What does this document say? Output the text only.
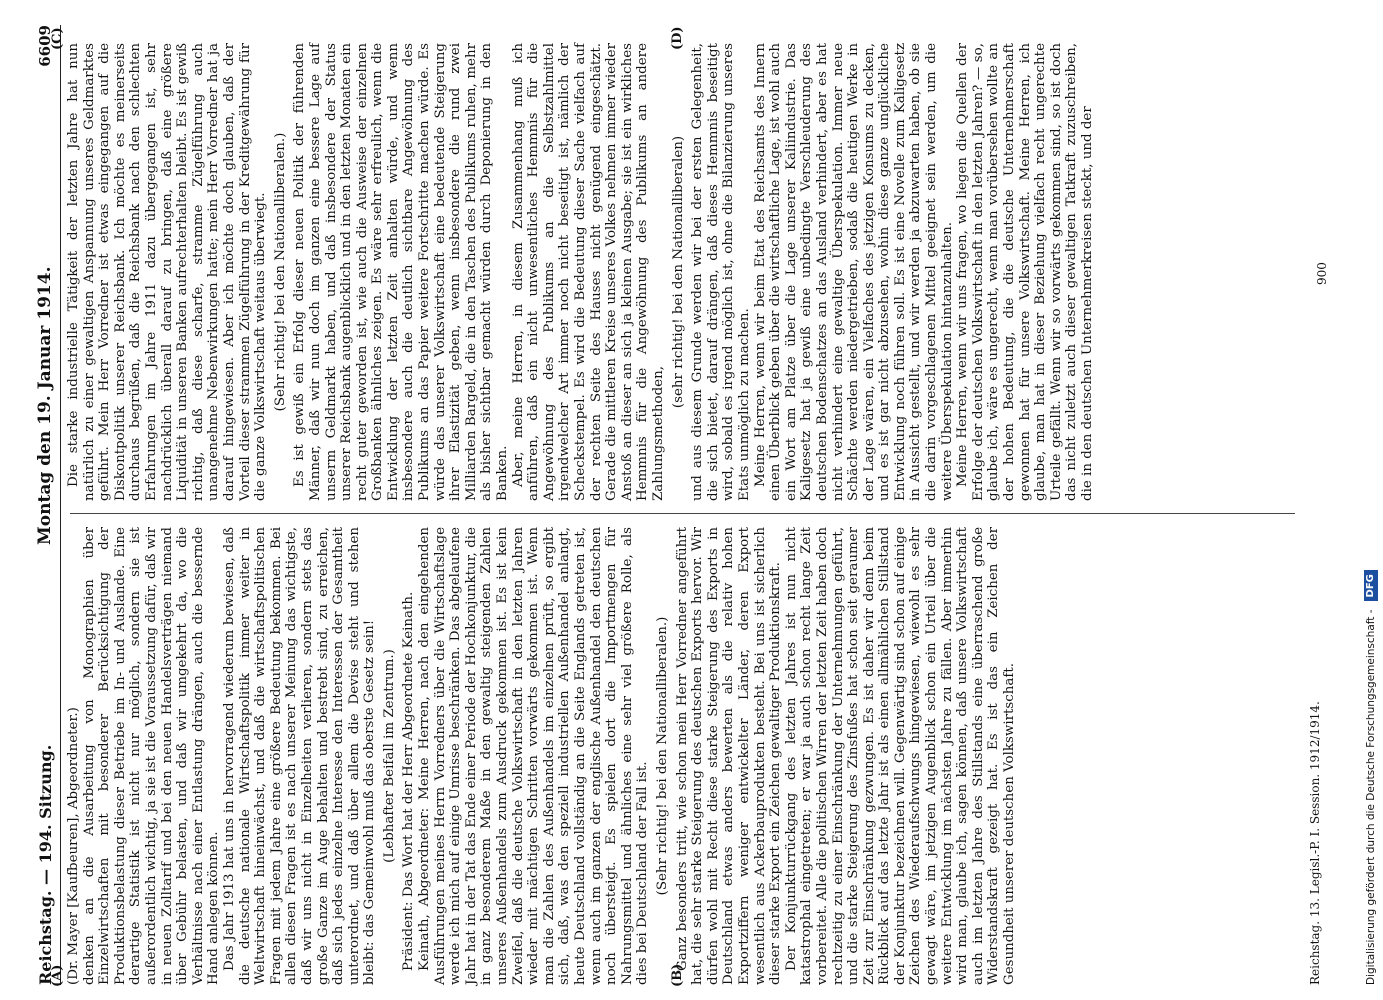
Reichstag. — 194. Sitzung.
Montag den 19. Januar 1914.
6609

(Dr. Mayer [Kaufbeuren], Abgeordneter.) denken an die Ausarbeitung von Monographien über Einzelwirtschaften mit besonderer Berücksichtigung der Produktionsbelastung dieser Betriebe im In- und Auslande. Eine derartige Statistik ist nicht nur möglich, sondern sie ist außerordentlich wichtig, ja sie ist die Voraussetzung dafür, daß wir in neuen Zolltarif und bei den neuen Handelsverträgen niemand über Gebühr belasten, und daß wir umgekehrt da, wo die Verhältnisse nach einer Entlastung drängen, auch die bessernde Hand anlegen können. Das Jahr 1913 hat uns in hervorragend wiederum bewiesen, daß die deutsche nationale Wirtschaftspolitik immer weiter in Weltwirtschaft hineinwächst, und daß die wirtschaftspolitischen Fragen mit jedem Jahre eine größere Bedeutung bekommen. Bei allen diesen Fragen ist es nach unserer Meinung das wichtigste, daß wir uns nicht in Einzelheiten verlieren, sondern stets das große Ganze im Auge behalten und bestrebt sind, zu erreichen, daß sich jedes einzelne Interesse den Interessen der Gesamtheit unterordnet, und daß über allem die Devise steht und stehen bleibt: das Gemeinwohl muß das oberste Gesetz sein! (Lebhafter Beifall im Zentrum.) Präsident: Das Wort hat der Herr Abgeordnete Keinath. Keinath, Abgeordneter: Meine Herren, nach den eingehenden Ausführungen meines Herrn Vorredners über die Wirtschaftslage werde ich mich auf einige Umrisse beschränken. Das abgelaufene Jahr hat in der Tat das Ende einer Periode der Hochkonjunktur, die in ganz besonderem Maße in den gewaltig steigenden Zahlen unseres Außenhandels zum Ausdruck gekommen ist. Es ist kein Zweifel, daß die deutsche Volkswirtschaft in den letzten Jahren wieder mit mächtigen Schritten vorwärts gekommen ist. Wenn man die Zahlen des Außenhandels im einzelnen prüft, so ergibt sich, daß, was den speziell industriellen Außenhandel anlangt, heute Deutschland vollständig an die Seite Englands getreten ist, wenn auch im ganzen der englische Außenhandel den deutschen noch übersteigt. Es spielen dort die Importmengen für Nahrungsmittel und ähnliches eine sehr viel größere Rolle, als dies bei Deutschland der Fall ist. (Sehr richtig! bei den Nationalliberalen.) Ganz besonders tritt, wie schon mein Herr Vorredner angeführt hat, die sehr starke Steigerung des deutschen Exports hervor. Wir dürfen wohl mit Recht diese starke Steigerung des Exports in Deutschland etwas anders bewerten als die relativ hohen Exportziffern weniger entwickelter Länder, deren Export wesentlich aus Ackerbauprodukten besteht. Bei uns ist sicherlich dieser starke Export ein Zeichen gewaltiger Produktionskraft. Der Konjunkturrückgang des letzten Jahres ist nun nicht katastrophal eingetreten; er war ja auch schon recht lange Zeit vorbereitet. Alle die politischen Wirren der letzten Zeit haben doch rechtzeitig zu einer Einschränkung der Unternehmungen geführt, und die starke Steigerung des Zinsfußes hat schon seit geraumer Zeit zur Einschränkung gezwungen. Es ist daher wir denn beim Rückblick auf das letzte Jahr ist als einen allmählichen Stillstand der Konjunktur bezeichnen will. Gegenwärtig sind schon auf einige Zeichen des Wiederaufschwungs hingewiesen, wiewohl es sehr gewagt wäre, im jetzigen Augenblick schon ein Urteil über die weitere Entwicklung im nächsten Jahre zu fällen. Aber immerhin wird man, glaube ich, sagen können, daß unsere Volkswirtschaft auch im letzten Jahre des Stillstands eine überraschend große Widerstandskraft gezeigt hat. Es ist das ein Zeichen der Gesundheit unserer deutschen Volkswirtschaft.

Die starke industrielle Tätigkeit der letzten Jahre hat nun natürlich zu einer gewaltigen Anspannung unseres Geldmarktes geführt. Mein Herr Vorredner ist etwas eingegangen auf die Diskontpolitik unserer Reichsbank. Ich möchte es meinerseits durchaus begrüßen, daß die Reichsbank nach den schlechten Erfahrungen im Jahre 1911 dazu übergegangen ist, sehr nachdrücklich überall darauf zu bringen, daß eine größere Liquidität in unseren Banken aufrechterhalten bleibt. Es ist gewiß richtig, daß diese scharfe, stramme Zügelführung auch unangenehme Nebenwirkungen hatte; mein Herr Vorredner hat ja darauf hingewiesen. Aber ich möchte doch glauben, daß der Vorteil dieser strammen Zügelführung in der Kreditgewährung für die ganze Volkswirtschaft weitaus überwiegt. (Sehr richtig! bei den Nationalliberalen.) Es ist gewiß ein Erfolg dieser neuen Politik der führenden Männer, daß wir nun doch im ganzen eine bessere Lage auf unserm Geldmarkt haben, und daß insbesondere der Status unserer Reichsbank augenblicklich und in den letzten Monaten ein recht guter geworden ist, wie auch die Ausweise der einzelnen Großbanken ähnliches zeigen. Es wäre sehr erfreulich, wenn die Entwicklung der letzten Zeit anhalten würde, und wenn insbesondere auch die deutlich sichtbare Angewöhnung des Publikums an das Papier weitere Fortschritte machen würde. Es würde das unserer Volkswirtschaft eine bedeutende Steigerung ihrer Elastizität geben, wenn insbesondere die rund zwei Milliarden Bargeld, die in den Taschen des Publikums ruhen, mehr als bisher sichtbar gemacht würden durch Deponierung in den Banken. Aber, meine Herren, in diesem Zusammenhang muß ich anführen, daß ein nicht unwesentliches Hemmnis für die Angewöhnung des Publikums an die Selbstzahlmittel irgendwelcher Art immer noch nicht beseitigt ist, nämlich der Scheckstempel. Es wird die Bedeutung dieser Sache vielfach auf der rechten Seite des Hauses nicht genügend eingeschätzt. Gerade die mittleren Kreise unseres Volkes nehmen immer wieder Anstoß an dieser an sich ja kleinen Ausgabe; sie ist ein wirkliches Hemmnis für die Angewöhnung des Publikums an andere Zahlungsmethoden,

(sehr richtig! bei den Nationalliberalen) und aus diesem Grunde werden wir bei der ersten Gelegenheit, die sich bietet, darauf drängen, daß dieses Hemmnis beseitigt wird, sobald es irgend möglich ist, ohne die Bilanzierung unseres Etats unmöglich zu machen. Meine Herren, wenn wir beim Etat des Reichsamts des Innern einen Überblick geben über die wirtschaftliche Lage, ist wohl auch ein Wort am Platze über die Lage unserer Kaliindustrie. Das Kaligesetz hat ja gewiß eine unbedingte Verschleuderung des deutschen Bodenschatzes an das Ausland verhindert, aber es hat nicht verhindert eine gewaltige Überspekulation. Immer neue Schächte werden niedergetrieben, sodaß die heutigen Werke in der Lage wären, ein Vielfaches des jetzigen Konsums zu decken, und es ist gar nicht abzusehen, wohin diese ganze unglückliche Entwicklung noch führen soll. Es ist eine Novelle zum Kaligesetz in Aussicht gestellt, und wir werden ja abzuwarten haben, ob sie die darin vorgeschlagenen Mittel geeignet sein werden, um die weitere Überspekulation hintanzuhalten. Meine Herren, wenn wir uns fragen, wo liegen die Quellen der Erfolge der deutschen Volkswirtschaft in den letzten Jahren? — so, glaube ich, wäre es ungerecht, wenn man vorübersehen wollte an der hohen Bedeutung, die die deutsche Unternehmerschaft gewonnen hat für unsere Volkswirtschaft. Meine Herren, ich glaube, man hat in dieser Beziehung vielfach recht ungerechte Urteile gefällt. Wenn wir so vorwärts gekommen sind, so ist doch das nicht zuletzt auch dieser gewaltigen Tatkraft zuzuschreiben, die in den deutschen Unternehmerkreisen steckt, und der

(A)	(B)
(C)	(D)
Reichstag. 13. Legisl.-P. I. Session. 1912/1914.
900
Digitalisierung gefördert durch die Deutsche Forschungsgemeinschaft -
DFG
